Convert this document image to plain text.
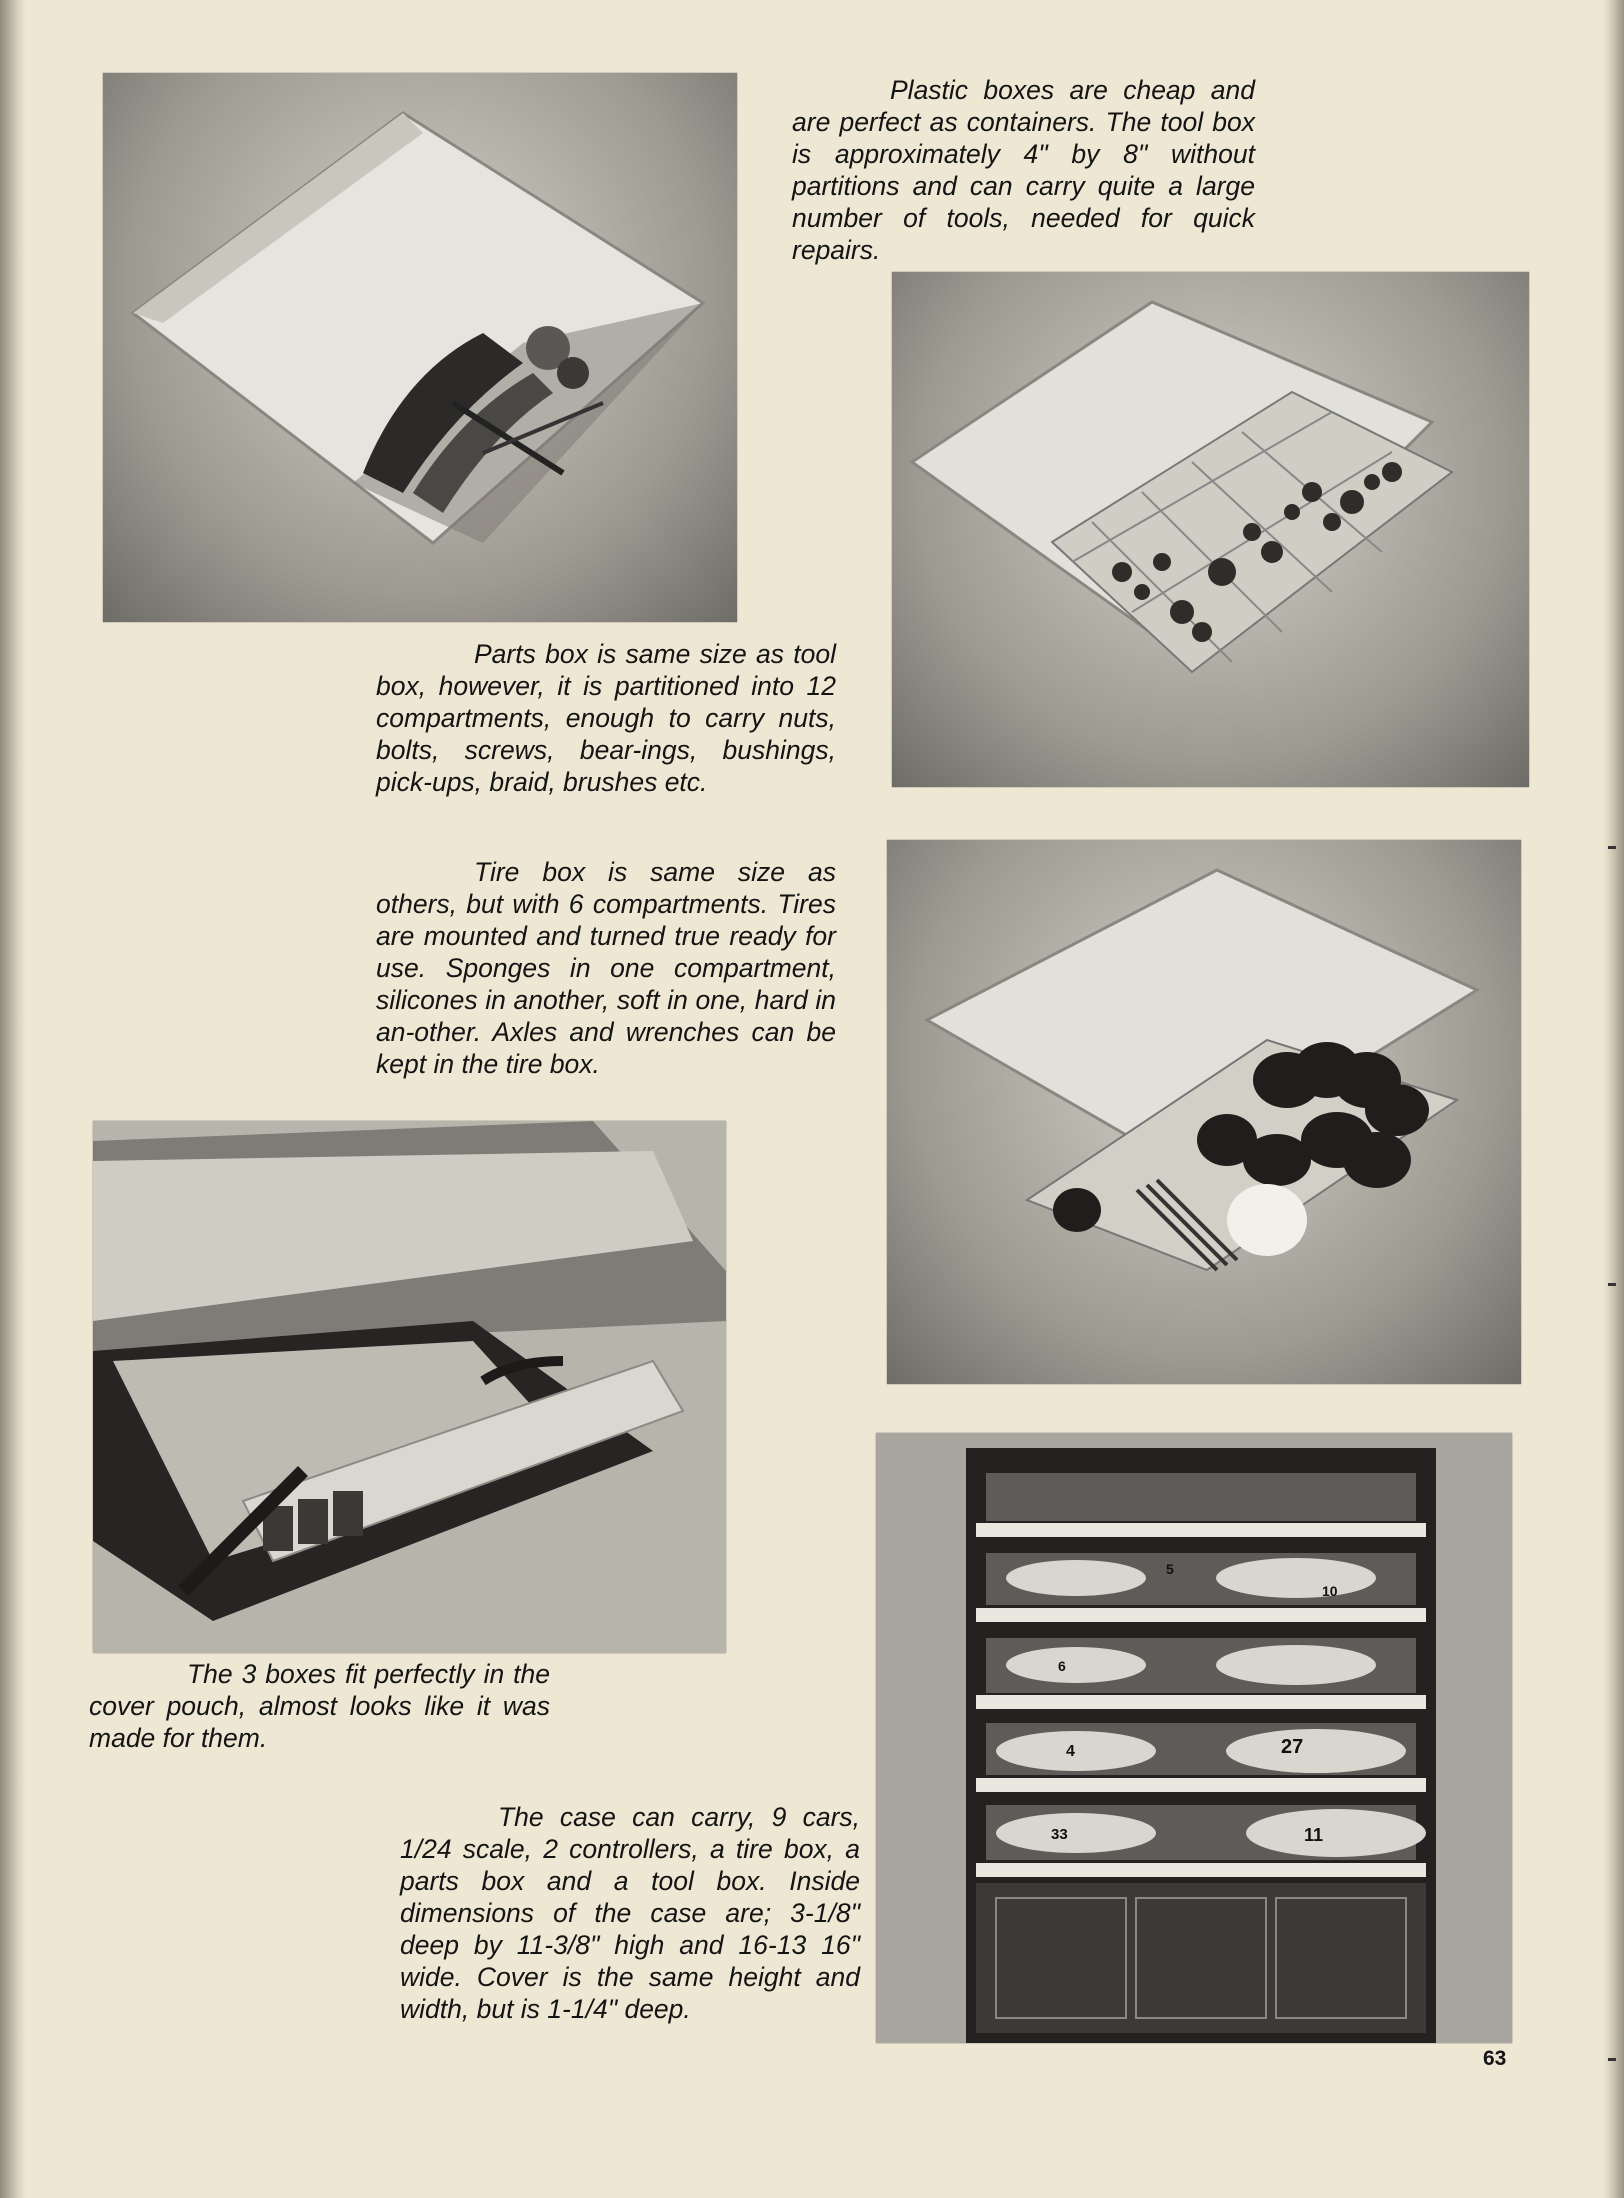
Plastic boxes are cheap and are perfect as containers. The tool box is approximately 4" by 8" without partitions and can carry quite a large number of tools, needed for quick repairs.

Parts box is same size as tool box, however, it is partitioned into 12 compartments, enough to carry nuts, bolts, screws, bear-ings, bushings, pick-ups, braid, brushes etc.

Tire box is same size as others, but with 6 compartments. Tires are mounted and turned true ready for use. Sponges in one compartment, silicones in another, soft in one, hard in an-other. Axles and wrenches can be kept in the tire box.

The 3 boxes fit perfectly in the cover pouch, almost looks like it was made for them.

5
10
6
4	27
33	11

The case can carry, 9 cars, 1/24 scale, 2 controllers, a tire box, a parts box and a tool box. Inside dimensions of the case are; 3-1/8" deep by 11-3/8" high and 16-13 16" wide. Cover is the same height and width, but is 1-1/4" deep.

63
